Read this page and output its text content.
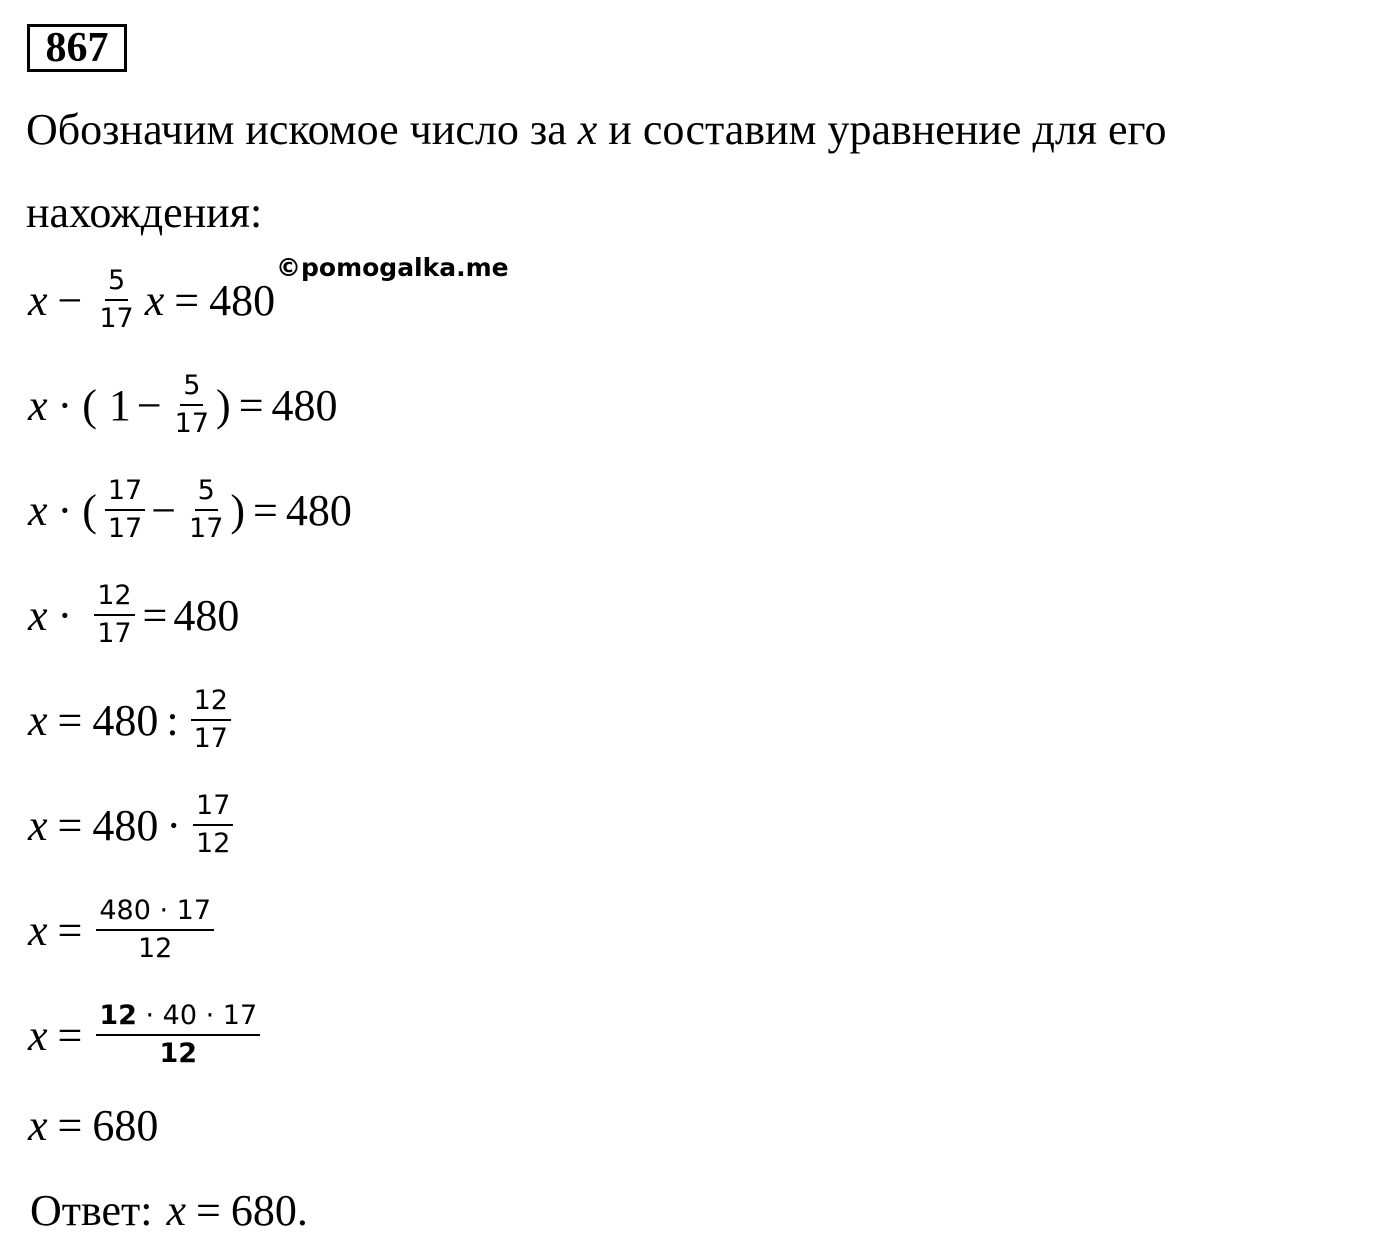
867
Обозначим искомое число за x и составим уравнение для его
нахождения:
©pomogalka.me
$x - \frac{5}{17}$ x = 480
x · ( $1 - \frac{5}{17}$ ) = 480
x · ( $\frac{17}{17} - \frac{5}{17}$ ) = 480
$x \cdot \frac{12}{17} = 480$
x = 480 : $\frac{12}{17}$
$x = 480 \cdot \frac{17}{12}$
$x = \frac{480 \cdot 17}{12}$
$x = \frac{12 \cdot 40 \cdot 17}{12}$
x = 680
Ответ: x = 680.
